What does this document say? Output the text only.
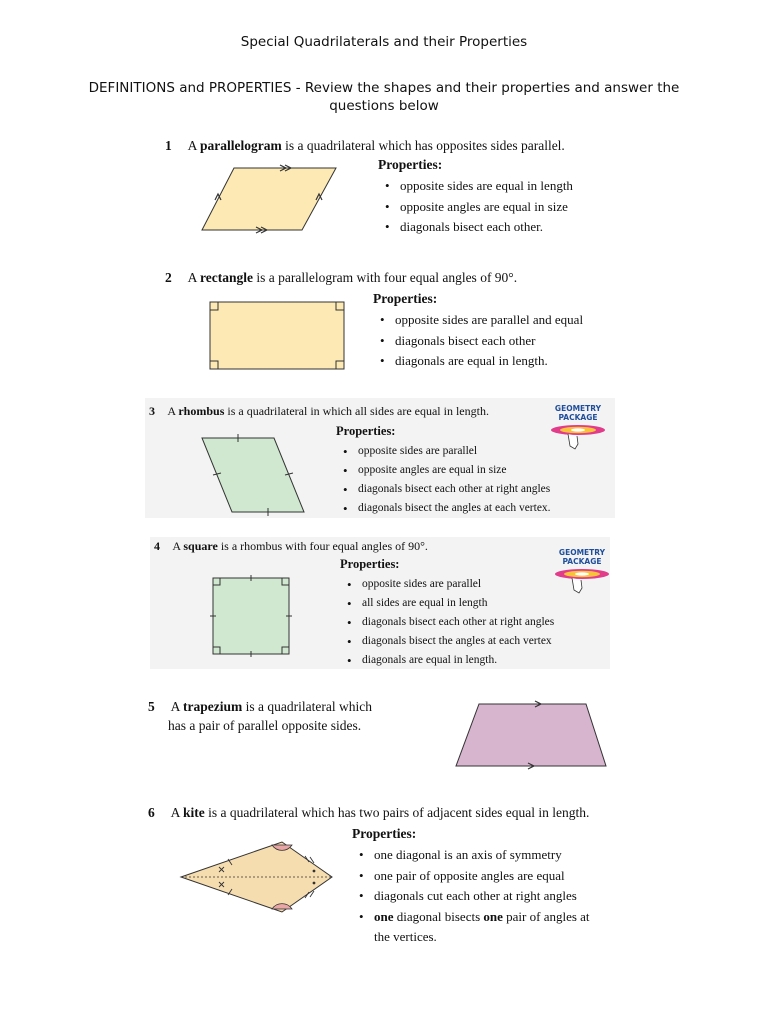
Special Quadrilaterals and their Properties
DEFINITIONS and PROPERTIES - Review the shapes and their properties and answer the questions below
1 A parallelogram is a quadrilateral which has opposites sides parallel.
Properties:
• opposite sides are equal in length
• opposite angles are equal in size
• diagonals bisect each other.
2 A rectangle is a parallelogram with four equal angles of 90°.
Properties:
• opposite sides are parallel and equal
• diagonals bisect each other
• diagonals are equal in length.
3 A rhombus is a quadrilateral in which all sides are equal in length.
Properties:
• opposite sides are parallel
• opposite angles are equal in size
• diagonals bisect each other at right angles
• diagonals bisect the angles at each vertex.
GEOMETRY
PACKAGE
4 A square is a rhombus with four equal angles of 90°.
Properties:
• opposite sides are parallel
• all sides are equal in length
• diagonals bisect each other at right angles
• diagonals bisect the angles at each vertex
• diagonals are equal in length.
GEOMETRY
PACKAGE
5 A trapezium is a quadrilateral which
has a pair of parallel opposite sides.
6 A kite is a quadrilateral which has two pairs of adjacent sides equal in length.
Properties:
• one diagonal is an axis of symmetry
• one pair of opposite angles are equal
• diagonals cut each other at right angles
• one diagonal bisects one pair of angles at
the vertices.
